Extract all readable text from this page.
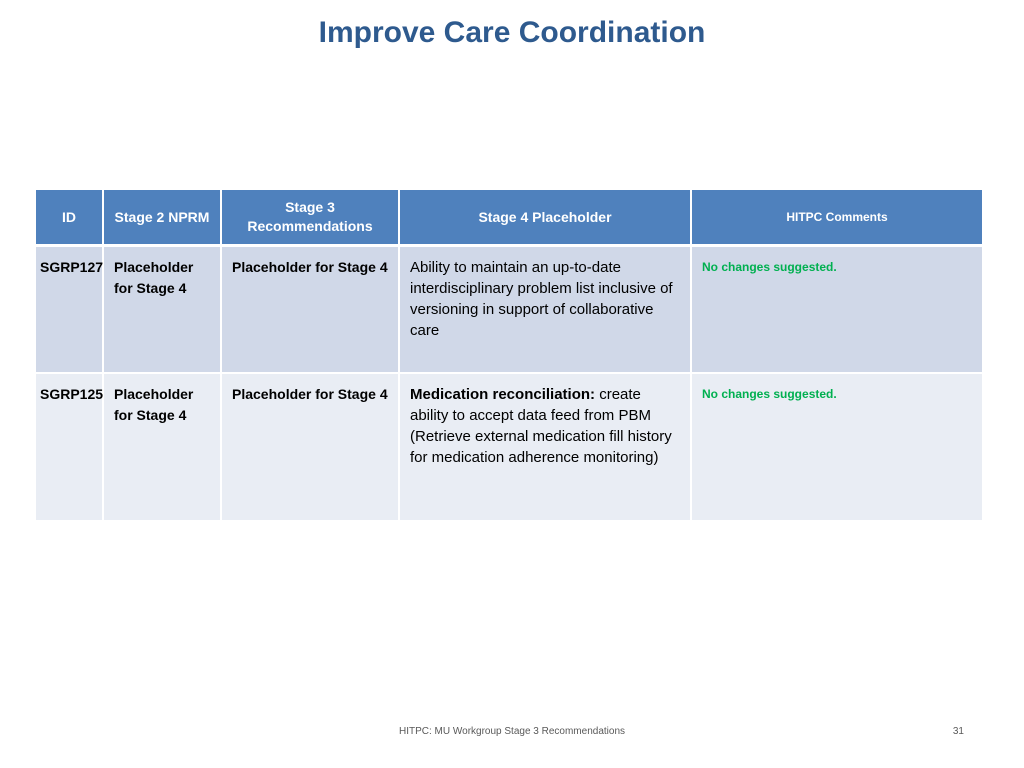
Improve Care Coordination
ID	Stage 2 NPRM	Stage 3 Recommendations	Stage 4 Placeholder	HITPC Comments
SGRP127	Placeholder for Stage 4	Placeholder for Stage 4	Ability to maintain an up-to-date interdisciplinary problem list inclusive of versioning in support of collaborative care	No changes suggested.
SGRP125	Placeholder for Stage 4	Placeholder for Stage 4	Medication reconciliation: create ability to accept data feed from PBM (Retrieve external medication fill history for medication adherence monitoring)	No changes suggested.
HITPC: MU Workgroup Stage 3 Recommendations	31
